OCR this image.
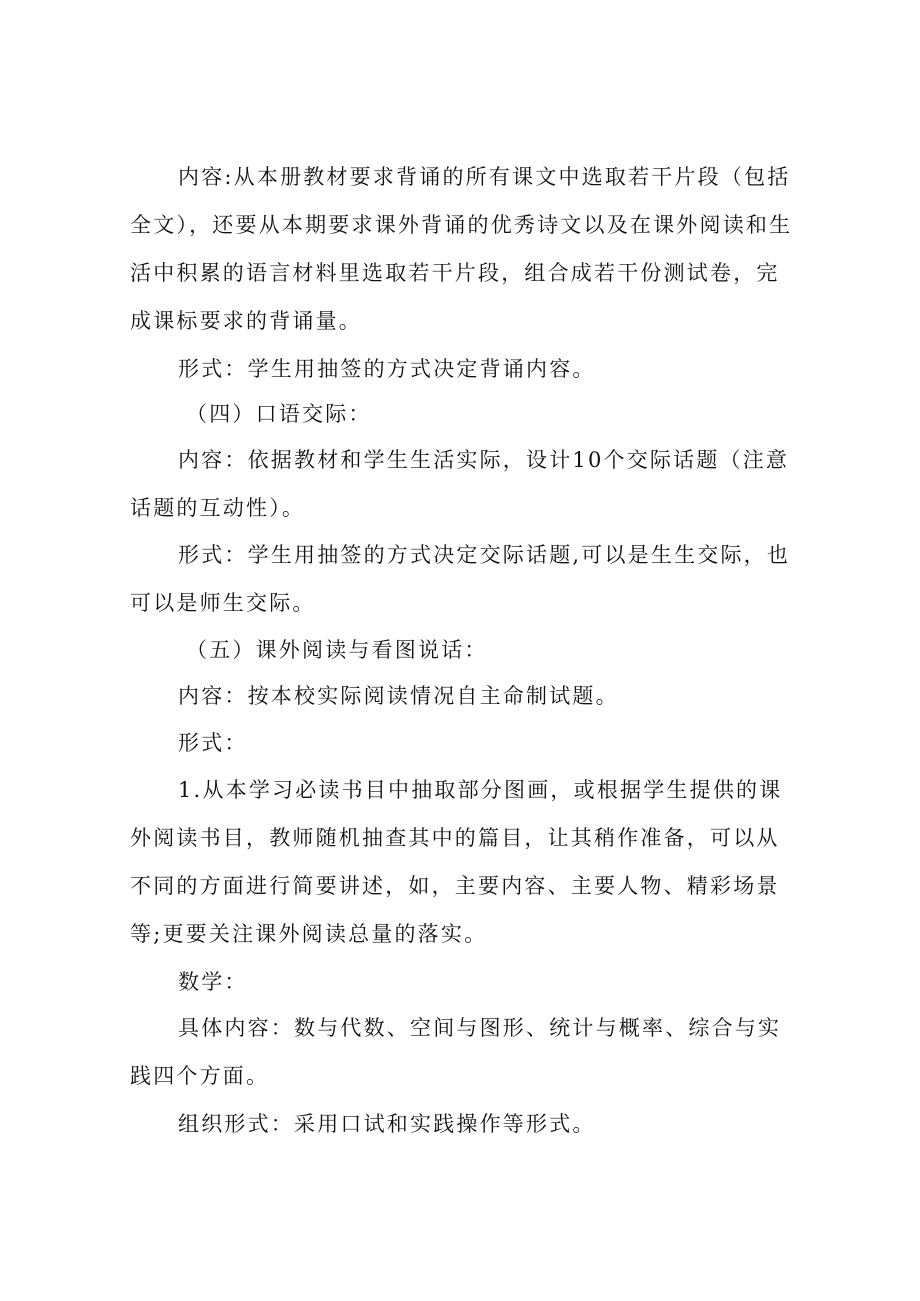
内容:从本册教材要求背诵的所有课文中选取若干片段（包括全文），还要从本期要求课外背诵的优秀诗文以及在课外阅读和生活中积累的语言材料里选取若干片段，组合成若干份测试卷，完成课标要求的背诵量。

形式：学生用抽签的方式决定背诵内容。

（四）口语交际：

内容：依据教材和学生生活实际，设计10个交际话题（注意话题的互动性）。

形式：学生用抽签的方式决定交际话题,可以是生生交际，也可以是师生交际。

（五）课外阅读与看图说话：

内容：按本校实际阅读情况自主命制试题。

形式：

1.从本学习必读书目中抽取部分图画，或根据学生提供的课外阅读书目，教师随机抽查其中的篇目，让其稍作准备，可以从不同的方面进行简要讲述，如，主要内容、主要人物、精彩场景等;更要关注课外阅读总量的落实。

数学：

具体内容：数与代数、空间与图形、统计与概率、综合与实践四个方面。

组织形式：采用口试和实践操作等形式。
